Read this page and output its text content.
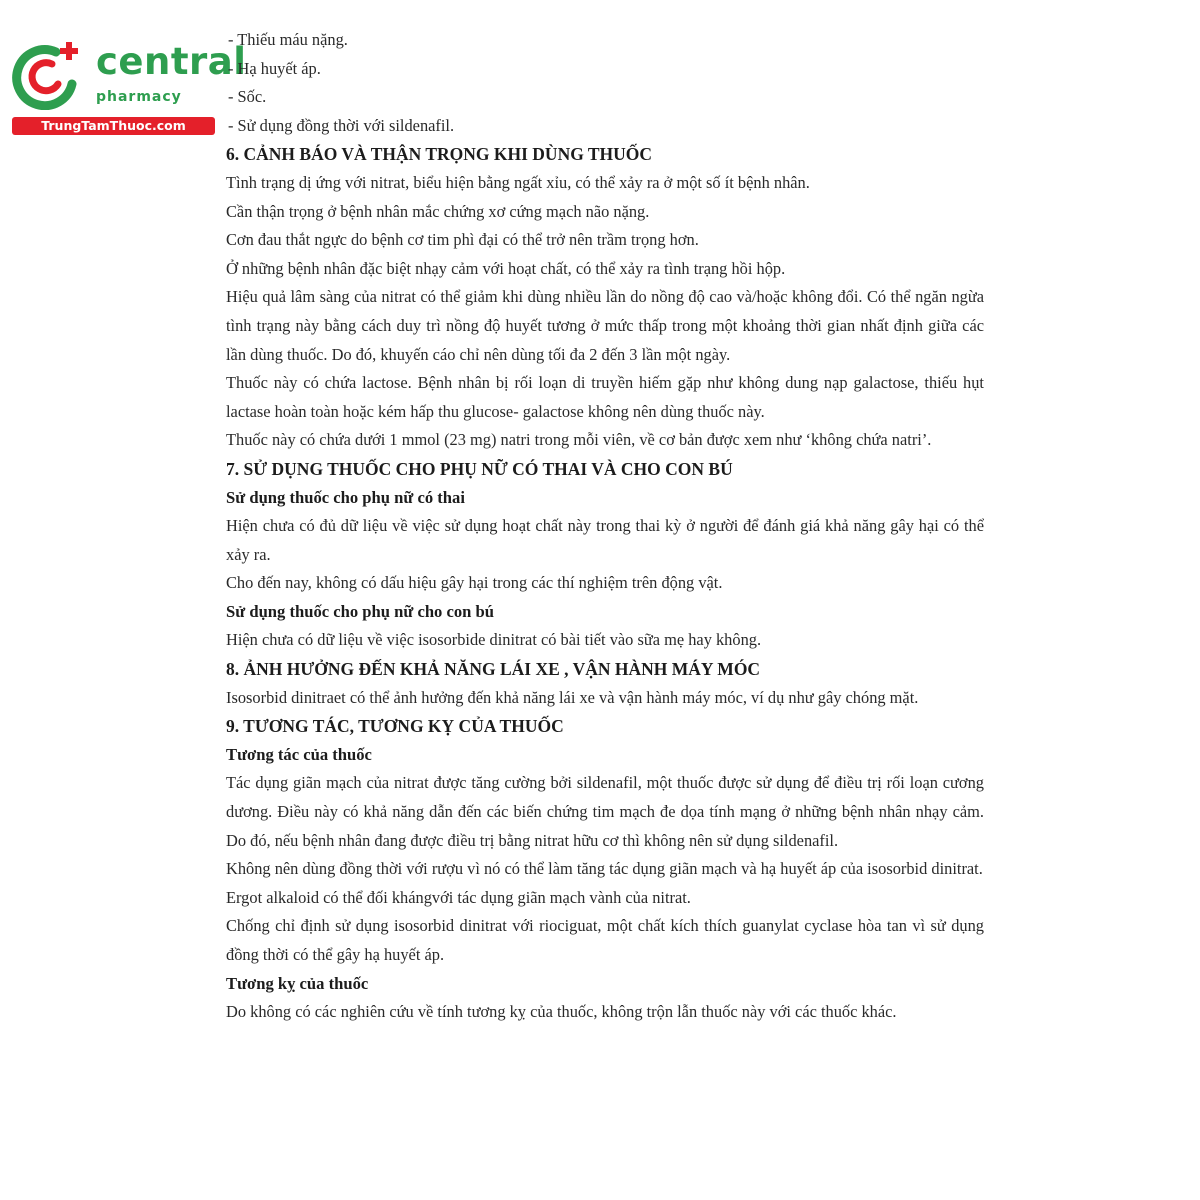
central
pharmacy
TrungTamThuoc.com

- Thiếu máu nặng.

- Hạ huyết áp.

- Sốc.

- Sử dụng đồng thời với sildenafil.

6. CẢNH BÁO VÀ THẬN TRỌNG KHI DÙNG THUỐC

Tình trạng dị ứng với nitrat, biểu hiện bằng ngất xỉu, có thể xảy ra ở một số ít bệnh nhân.

Cần thận trọng ở bệnh nhân mắc chứng xơ cứng mạch não nặng.

Cơn đau thắt ngực do bệnh cơ tim phì đại có thể trở nên trầm trọng hơn.

Ở những bệnh nhân đặc biệt nhạy cảm với hoạt chất, có thể xảy ra tình trạng hồi hộp.

Hiệu quả lâm sàng của nitrat có thể giảm khi dùng nhiều lần do nồng độ cao và/hoặc không đổi. Có thể ngăn ngừa tình trạng này bằng cách duy trì nồng độ huyết tương ở mức thấp trong một khoảng thời gian nhất định giữa các lần dùng thuốc. Do đó, khuyến cáo chỉ nên dùng tối đa 2 đến 3 lần một ngày.

Thuốc này có chứa lactose. Bệnh nhân bị rối loạn di truyền hiếm gặp như không dung nạp galactose, thiếu hụt lactase hoàn toàn hoặc kém hấp thu glucose- galactose không nên dùng thuốc này.

Thuốc này có chứa dưới 1 mmol (23 mg) natri trong mỗi viên, về cơ bản được xem như ‘không chứa natri’.

7. SỬ DỤNG THUỐC CHO PHỤ NỮ CÓ THAI VÀ CHO CON BÚ
Sử dụng thuốc cho phụ nữ có thai

Hiện chưa có đủ dữ liệu về việc sử dụng hoạt chất này trong thai kỳ ở người để đánh giá khả năng gây hại có thể xảy ra.

Cho đến nay, không có dấu hiệu gây hại trong các thí nghiệm trên động vật.

Sử dụng thuốc cho phụ nữ cho con bú

Hiện chưa có dữ liệu về việc isosorbide dinitrat có bài tiết vào sữa mẹ hay không.

8. ẢNH HƯỞNG ĐẾN KHẢ NĂNG LÁI XE , VẬN HÀNH MÁY MÓC

Isosorbid dinitraet có thể ảnh hưởng đến khả năng lái xe và vận hành máy móc, ví dụ như gây chóng mặt.

9. TƯƠNG TÁC, TƯƠNG KỴ CỦA THUỐC
Tương tác của thuốc

Tác dụng giãn mạch của nitrat được tăng cường bởi sildenafil, một thuốc được sử dụng để điều trị rối loạn cương dương. Điều này có khả năng dẫn đến các biến chứng tim mạch đe dọa tính mạng ở những bệnh nhân nhạy cảm. Do đó, nếu bệnh nhân đang được điều trị bằng nitrat hữu cơ thì không nên sử dụng sildenafil.

Không nên dùng đồng thời với rượu vì nó có thể làm tăng tác dụng giãn mạch và hạ huyết áp của isosorbid dinitrat.

Ergot alkaloid có thể đối khángvới tác dụng giãn mạch vành của nitrat.

Chống chỉ định sử dụng isosorbid dinitrat với riociguat, một chất kích thích guanylat cyclase hòa tan vì sử dụng đồng thời có thể gây hạ huyết áp.

Tương kỵ của thuốc

Do không có các nghiên cứu về tính tương kỵ của thuốc, không trộn lẫn thuốc này với các thuốc khác.
